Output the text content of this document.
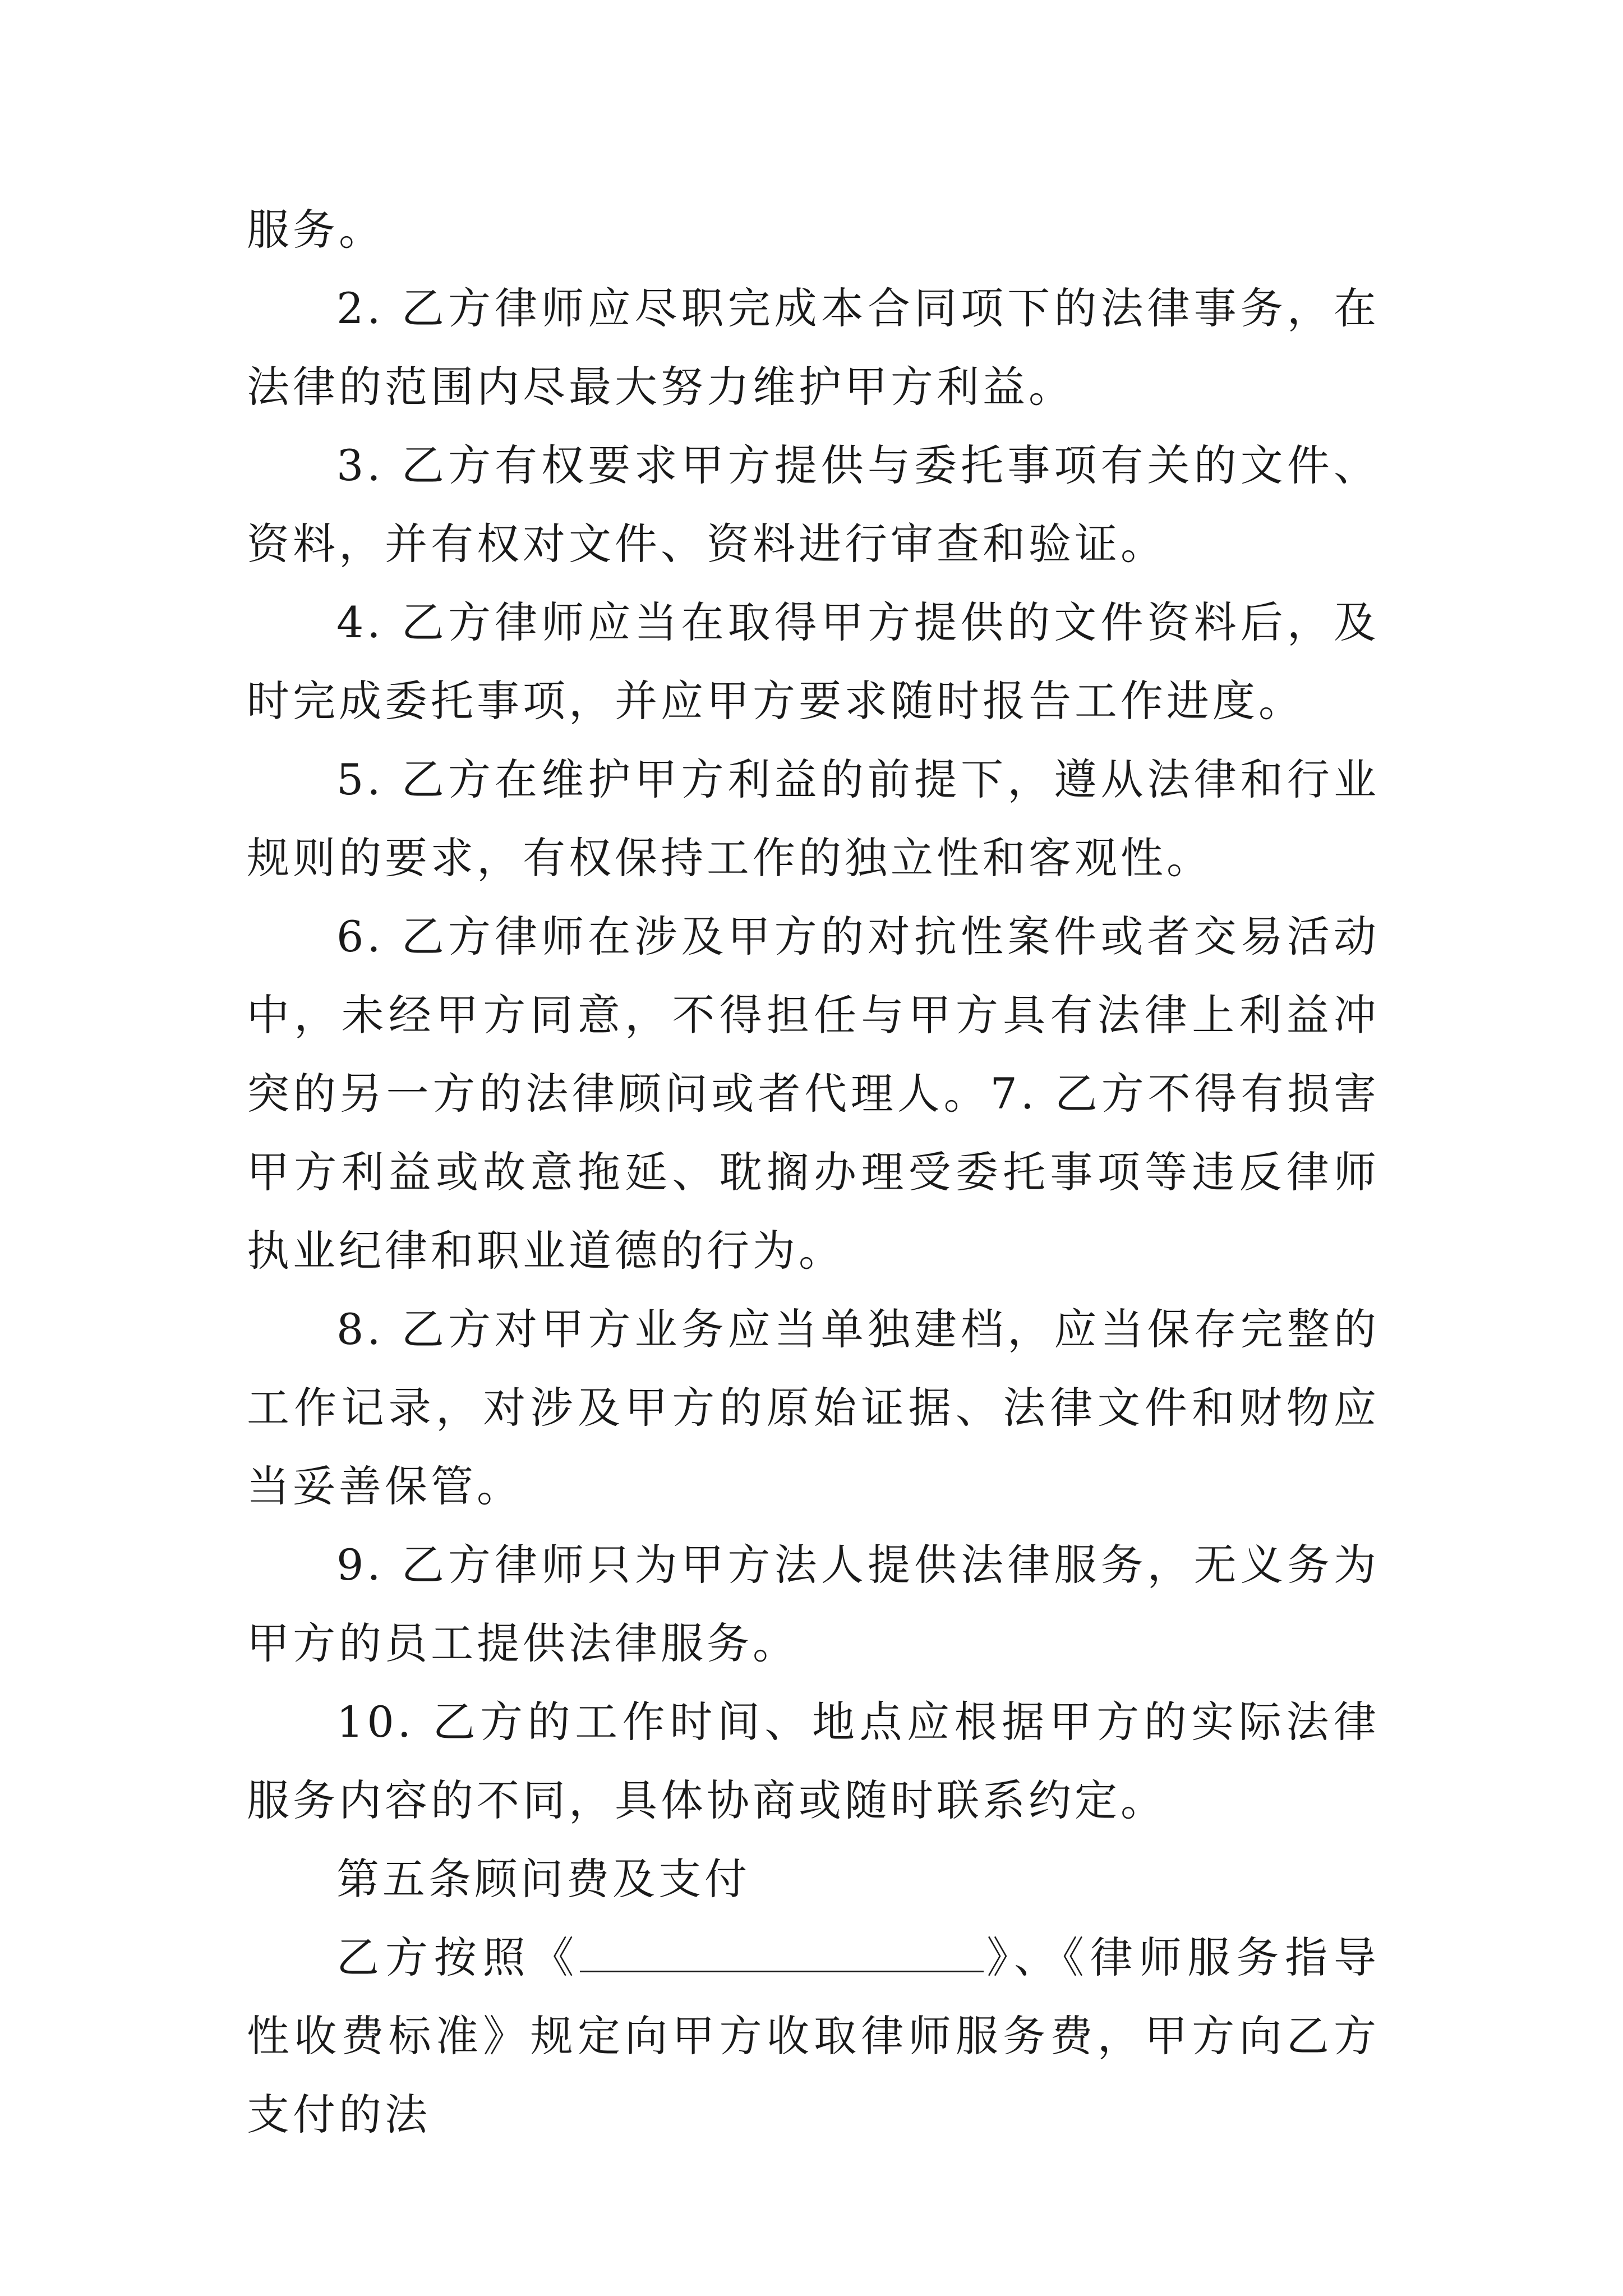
服务。

2. 乙方律师应尽职完成本合同项下的法律事务，在法律的范围内尽最大努力维护甲方利益。

3. 乙方有权要求甲方提供与委托事项有关的文件、资料，并有权对文件、资料进行审查和验证。

4. 乙方律师应当在取得甲方提供的文件资料后，及时完成委托事项，并应甲方要求随时报告工作进度。

5. 乙方在维护甲方利益的前提下，遵从法律和行业规则的要求，有权保持工作的独立性和客观性。

6. 乙方律师在涉及甲方的对抗性案件或者交易活动中，未经甲方同意，不得担任与甲方具有法律上利益冲突的另一方的法律顾问或者代理人。7. 乙方不得有损害甲方利益或故意拖延、耽搁办理受委托事项等违反律师执业纪律和职业道德的行为。

8. 乙方对甲方业务应当单独建档，应当保存完整的工作记录，对涉及甲方的原始证据、法律文件和财物应当妥善保管。

9. 乙方律师只为甲方法人提供法律服务，无义务为甲方的员工提供法律服务。

10. 乙方的工作时间、地点应根据甲方的实际法律服务内容的不同，具体协商或随时联系约定。

第五条顾问费及支付

乙方按照《	》、《律师服务指导性收费标准》规定向甲方收取律师服务费，甲方向乙方支付的法
